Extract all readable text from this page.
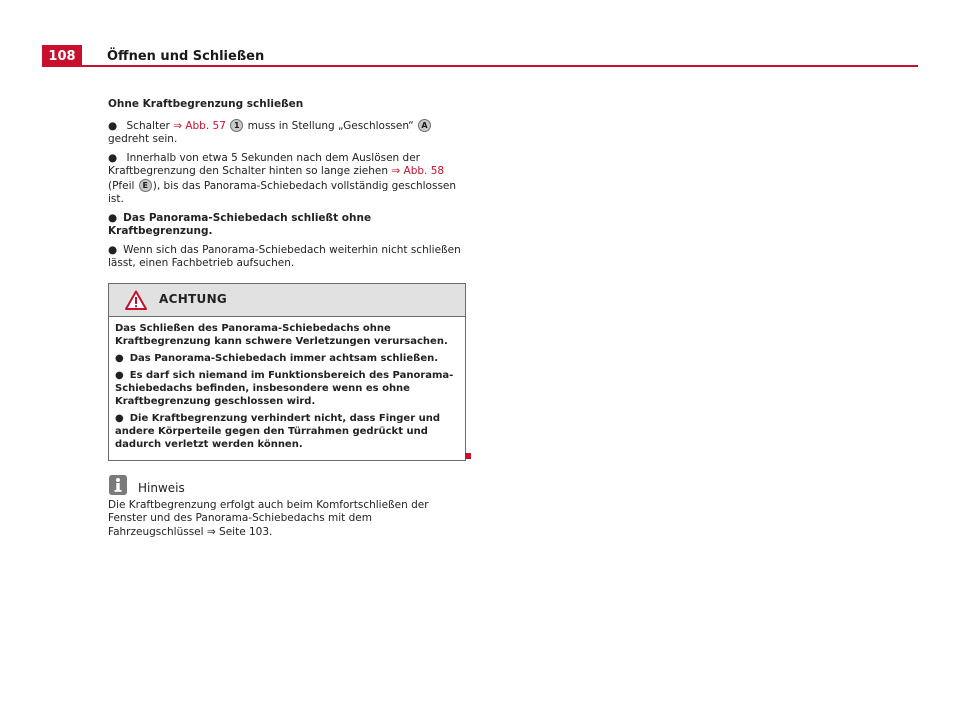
108	Öffnen und Schließen
Ohne Kraftbegrenzung schließen
● Schalter ⇒ Abb. 57 1 muss in Stellung „Geschlossen“ A gedreht sein.
● Innerhalb von etwa 5 Sekunden nach dem Auslösen der Kraftbegrenzung den Schalter hinten so lange ziehen ⇒ Abb. 58 (Pfeil E ), bis das Panorama-Schiebedach vollständig geschlossen ist.
● Das Panorama-Schiebedach schließt ohne Kraftbegrenzung.
● Wenn sich das Panorama-Schiebedach weiterhin nicht schließen lässt, einen Fachbetrieb aufsuchen.
ACHTUNG
Das Schließen des Panorama-Schiebedachs ohne Kraftbegrenzung kann schwere Verletzungen verursachen.
● Das Panorama-Schiebedach immer achtsam schließen.
● Es darf sich niemand im Funktionsbereich des Panorama-Schiebedachs befinden, insbesondere wenn es ohne Kraftbegrenzung geschlossen wird.
● Die Kraftbegrenzung verhindert nicht, dass Finger und andere Körperteile gegen den Türrahmen gedrückt und dadurch verletzt werden können.
Hinweis
Die Kraftbegrenzung erfolgt auch beim Komfortschließen der Fenster und des Panorama-Schiebedachs mit dem Fahrzeugschlüssel ⇒ Seite 103.
